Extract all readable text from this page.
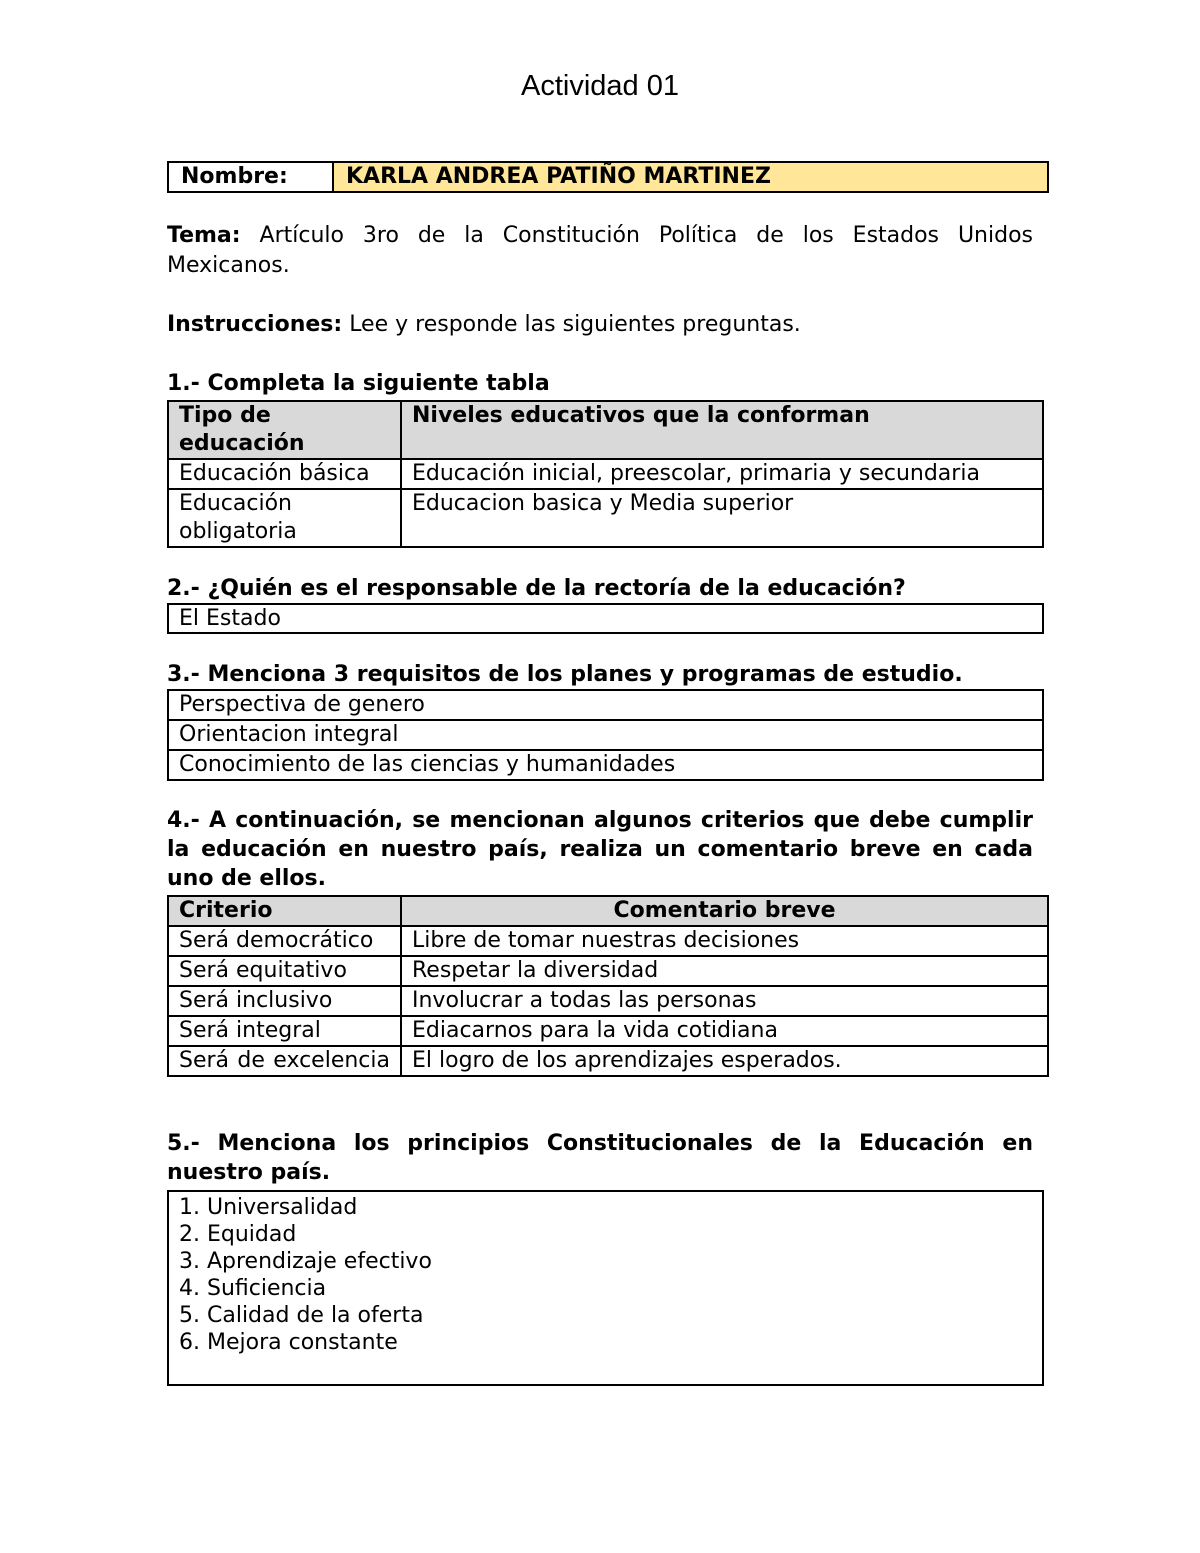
Actividad 01
Nombre:	KARLA ANDREA PATIÑO MARTINEZ
Tema: Artículo 3ro de la Constitución Política de los Estados Unidos Mexicanos.
Instrucciones: Lee y responde las siguientes preguntas.
1.- Completa la siguiente tabla
Tipo de educación	Niveles educativos que la conforman
Educación básica	Educación inicial, preescolar, primaria y secundaria
Educación obligatoria	Educacion basica y Media superior
2.- ¿Quién es el responsable de la rectoría de la educación?
El Estado
3.- Menciona 3 requisitos de los planes y programas de estudio.
Perspectiva de genero
Orientacion integral
Conocimiento de las ciencias y humanidades
4.- A continuación, se mencionan algunos criterios que debe cumplir la educación en nuestro país, realiza un comentario breve en cada uno de ellos.
Criterio	Comentario breve
Será democrático	Libre de tomar nuestras decisiones
Será equitativo	Respetar la diversidad
Será inclusivo	Involucrar a todas las personas
Será integral	Ediacarnos para la vida cotidiana
Será de excelencia	El logro de los aprendizajes esperados.
5.- Menciona los principios Constitucionales de la Educación en nuestro país.
1. Universalidad
2. Equidad
3. Aprendizaje efectivo
4. Suficiencia
5. Calidad de la oferta
6. Mejora constante
